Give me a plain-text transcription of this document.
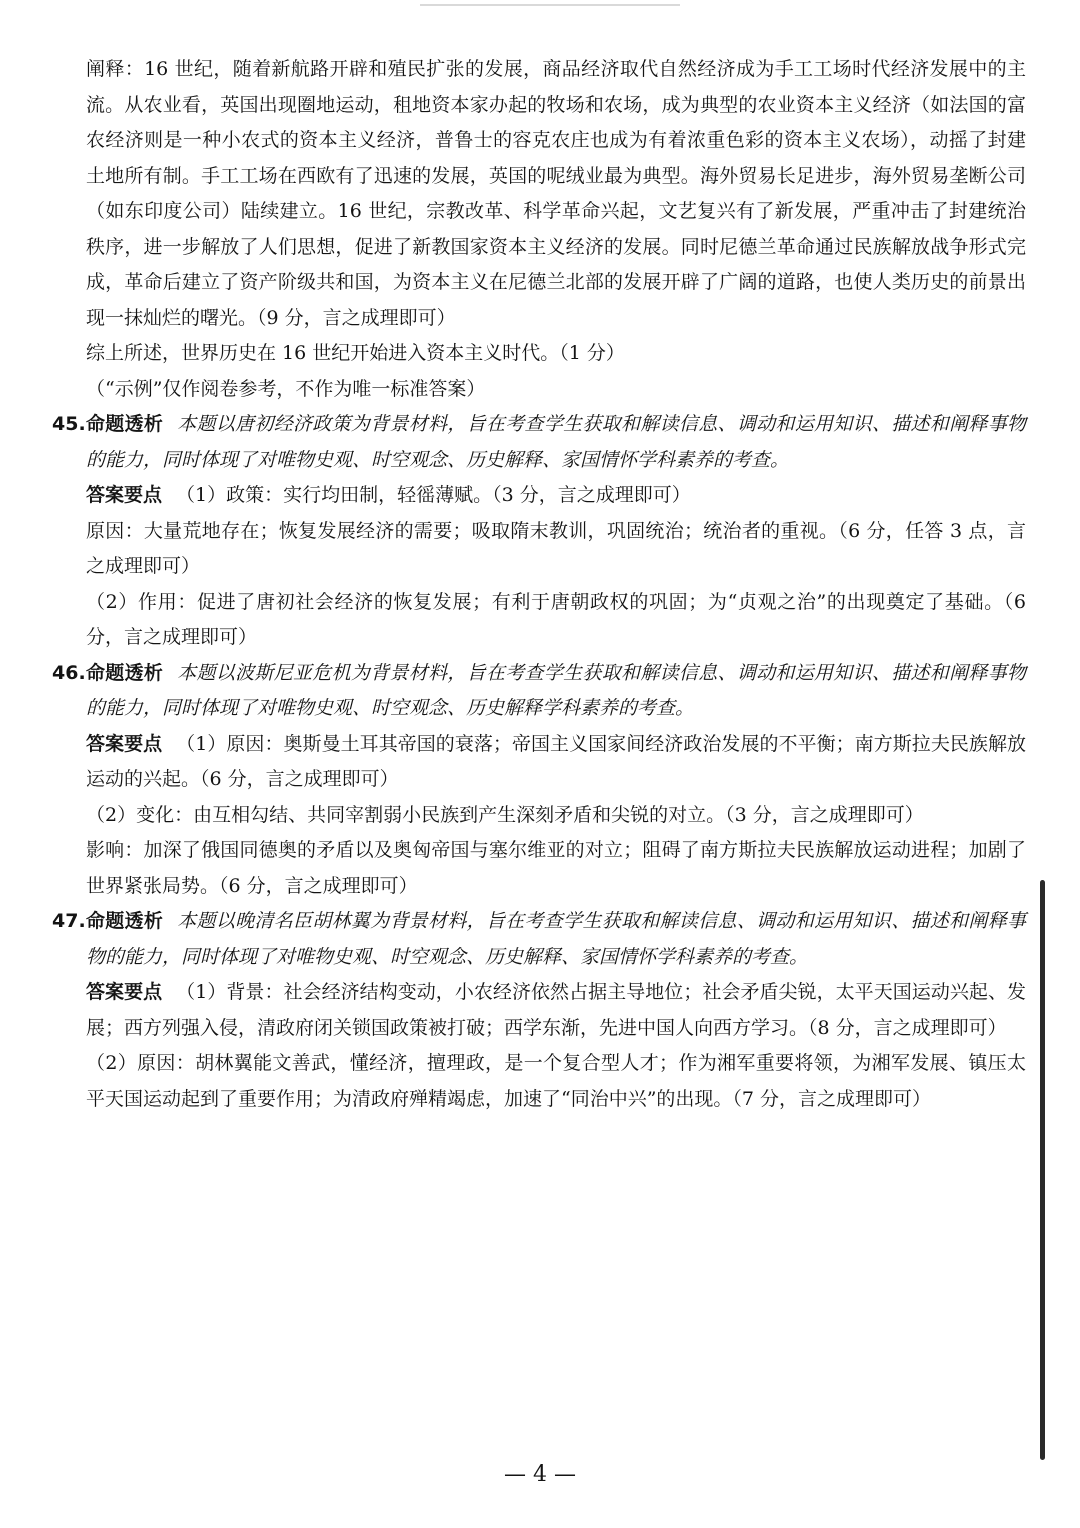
阐释：16 世纪，随着新航路开辟和殖民扩张的发展，商品经济取代自然经济成为手工工场时代经济发展中的主流。从农业看，英国出现圈地运动，租地资本家办起的牧场和农场，成为典型的农业资本主义经济（如法国的富农经济则是一种小农式的资本主义经济，普鲁士的容克农庄也成为有着浓重色彩的资本主义农场），动摇了封建土地所有制。手工工场在西欧有了迅速的发展，英国的呢绒业最为典型。海外贸易长足进步，海外贸易垄断公司（如东印度公司）陆续建立。16 世纪，宗教改革、科学革命兴起，文艺复兴有了新发展，严重冲击了封建统治秩序，进一步解放了人们思想，促进了新教国家资本主义经济的发展。同时尼德兰革命通过民族解放战争形式完成，革命后建立了资产阶级共和国，为资本主义在尼德兰北部的发展开辟了广阔的道路，也使人类历史的前景出现一抹灿烂的曙光。（9 分，言之成理即可）

综上所述，世界历史在 16 世纪开始进入资本主义时代。（1 分）

（“示例”仅作阅卷参考，不作为唯一标准答案）

45. 命题透析 本题以唐初经济政策为背景材料，旨在考查学生获取和解读信息、调动和运用知识、描述和阐释事物的能力，同时体现了对唯物史观、时空观念、历史解释、家国情怀学科素养的考查。

答案要点 （1）政策：实行均田制，轻徭薄赋。（3 分，言之成理即可）

原因：大量荒地存在；恢复发展经济的需要；吸取隋末教训，巩固统治；统治者的重视。（6 分，任答 3 点，言之成理即可）

（2）作用：促进了唐初社会经济的恢复发展；有利于唐朝政权的巩固；为“贞观之治”的出现奠定了基础。（6 分，言之成理即可）

46. 命题透析 本题以波斯尼亚危机为背景材料，旨在考查学生获取和解读信息、调动和运用知识、描述和阐释事物的能力，同时体现了对唯物史观、时空观念、历史解释学科素养的考查。

答案要点 （1）原因：奥斯曼土耳其帝国的衰落；帝国主义国家间经济政治发展的不平衡；南方斯拉夫民族解放运动的兴起。（6 分，言之成理即可）

（2）变化：由互相勾结、共同宰割弱小民族到产生深刻矛盾和尖锐的对立。（3 分，言之成理即可）

影响：加深了俄国同德奥的矛盾以及奥匈帝国与塞尔维亚的对立；阻碍了南方斯拉夫民族解放运动进程；加剧了世界紧张局势。（6 分，言之成理即可）

47. 命题透析 本题以晚清名臣胡林翼为背景材料，旨在考查学生获取和解读信息、调动和运用知识、描述和阐释事物的能力，同时体现了对唯物史观、时空观念、历史解释、家国情怀学科素养的考查。

答案要点 （1）背景：社会经济结构变动，小农经济依然占据主导地位；社会矛盾尖锐，太平天国运动兴起、发展；西方列强入侵，清政府闭关锁国政策被打破；西学东渐，先进中国人向西方学习。（8 分，言之成理即可）

（2）原因：胡林翼能文善武，懂经济，擅理政，是一个复合型人才；作为湘军重要将领，为湘军发展、镇压太平天国运动起到了重要作用；为清政府殚精竭虑，加速了“同治中兴”的出现。（7 分，言之成理即可）

— 4 —
